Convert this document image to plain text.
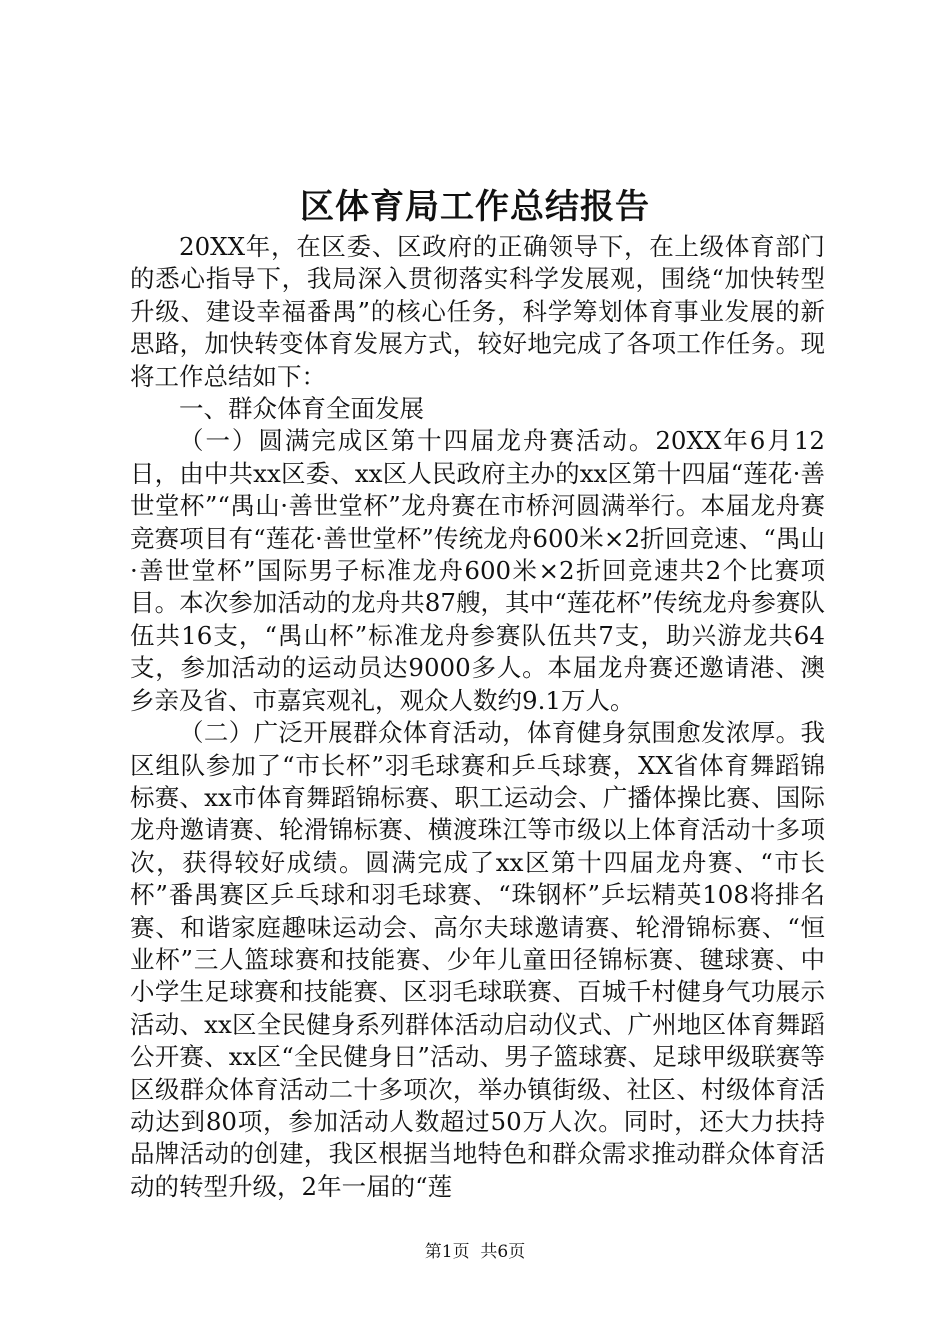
区体育局工作总结报告

20XX年，在区委、区政府的正确领导下，在上级体育部门的悉心指导下，我局深入贯彻落实科学发展观，围绕“加快转型升级、建设幸福番禺”的核心任务，科学筹划体育事业发展的新思路，加快转变体育发展方式，较好地完成了各项工作任务。现将工作总结如下：

一、群众体育全面发展

（一）圆满完成区第十四届龙舟赛活动。20XX年6月12日，由中共xx区委、xx区人民政府主办的xx区第十四届“莲花·善世堂杯”“禺山·善世堂杯”龙舟赛在市桥河圆满举行。本届龙舟赛竞赛项目有“莲花·善世堂杯”传统龙舟600米×2折回竞速、“禺山·善世堂杯”国际男子标准龙舟600米×2折回竞速共2个比赛项目。本次参加活动的龙舟共87艘，其中“莲花杯”传统龙舟参赛队伍共16支，“禺山杯”标准龙舟参赛队伍共7支，助兴游龙共64支，参加活动的运动员达9000多人。本届龙舟赛还邀请港、澳乡亲及省、市嘉宾观礼，观众人数约9.1万人。

（二）广泛开展群众体育活动，体育健身氛围愈发浓厚。我区组队参加了“市长杯”羽毛球赛和乒乓球赛，XX省体育舞蹈锦标赛、xx市体育舞蹈锦标赛、职工运动会、广播体操比赛、国际龙舟邀请赛、轮滑锦标赛、横渡珠江等市级以上体育活动十多项次，获得较好成绩。圆满完成了xx区第十四届龙舟赛、“市长杯”番禺赛区乒乓球和羽毛球赛、“珠钢杯”乒坛精英108将排名赛、和谐家庭趣味运动会、高尔夫球邀请赛、轮滑锦标赛、“恒业杯”三人篮球赛和技能赛、少年儿童田径锦标赛、毽球赛、中小学生足球赛和技能赛、区羽毛球联赛、百城千村健身气功展示活动、xx区全民健身系列群体活动启动仪式、广州地区体育舞蹈公开赛、xx区“全民健身日”活动、男子篮球赛、足球甲级联赛等区级群众体育活动二十多项次，举办镇街级、社区、村级体育活动达到80项，参加活动人数超过50万人次。同时，还大力扶持品牌活动的创建，我区根据当地特色和群众需求推动群众体育活动的转型升级，2年一届的“莲

第1页 共6页
